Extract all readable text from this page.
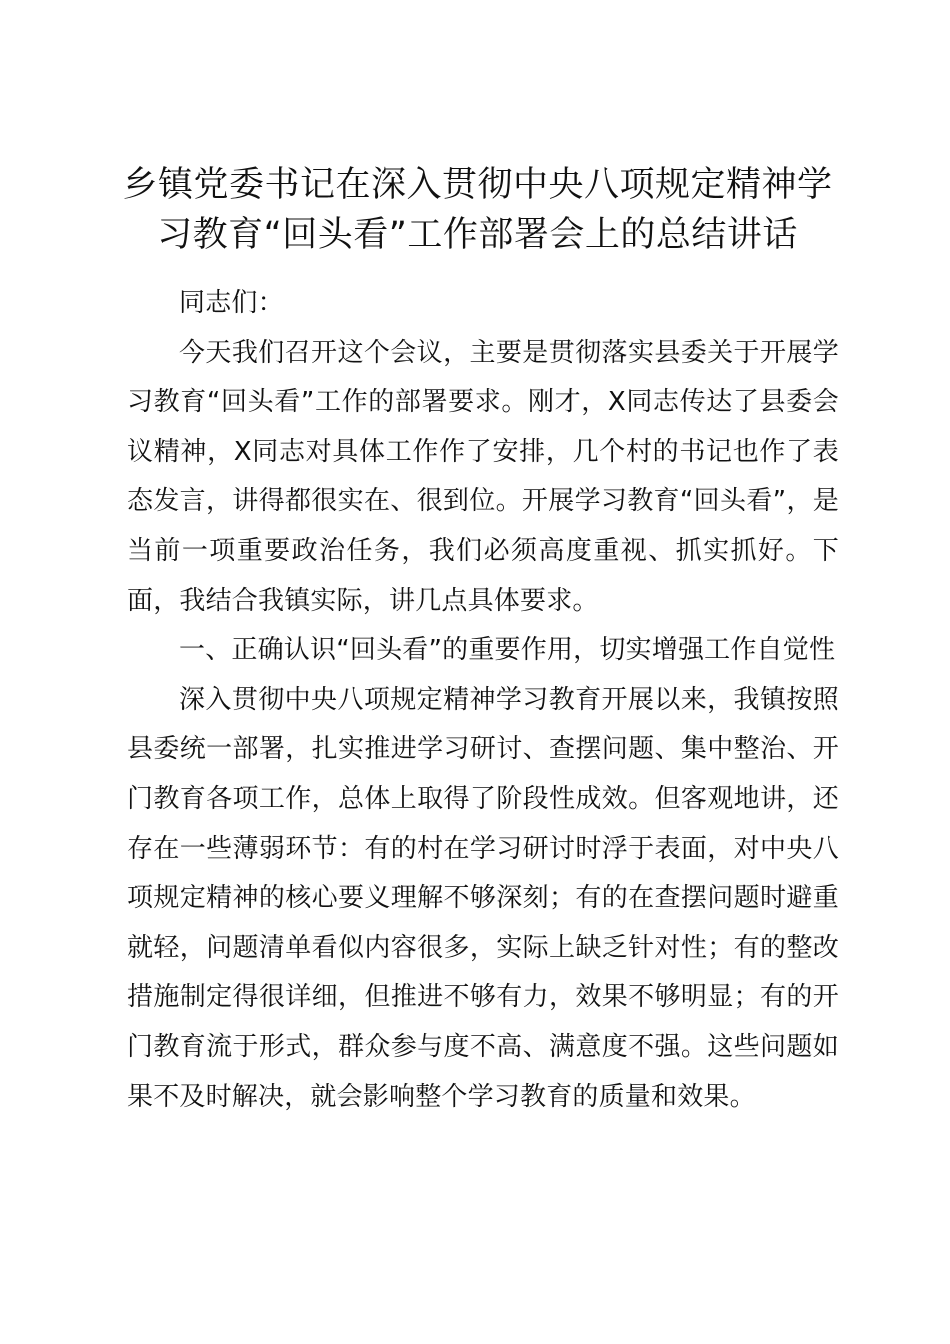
乡镇党委书记在深入贯彻中央八项规定精神学习教育“回头看”工作部署会上的总结讲话

同志们：

今天我们召开这个会议，主要是贯彻落实县委关于开展学习教育“回头看”工作的部署要求。刚才，X同志传达了县委会议精神，X同志对具体工作作了安排，几个村的书记也作了表态发言，讲得都很实在、很到位。开展学习教育“回头看”，是当前一项重要政治任务，我们必须高度重视、抓实抓好。下面，我结合我镇实际，讲几点具体要求。

一、正确认识“回头看”的重要作用，切实增强工作自觉性

深入贯彻中央八项规定精神学习教育开展以来，我镇按照县委统一部署，扎实推进学习研讨、查摆问题、集中整治、开门教育各项工作，总体上取得了阶段性成效。但客观地讲，还存在一些薄弱环节：有的村在学习研讨时浮于表面，对中央八项规定精神的核心要义理解不够深刻；有的在查摆问题时避重就轻，问题清单看似内容很多，实际上缺乏针对性；有的整改措施制定得很详细，但推进不够有力，效果不够明显；有的开门教育流于形式，群众参与度不高、满意度不强。这些问题如果不及时解决，就会影响整个学习教育的质量和效果。
